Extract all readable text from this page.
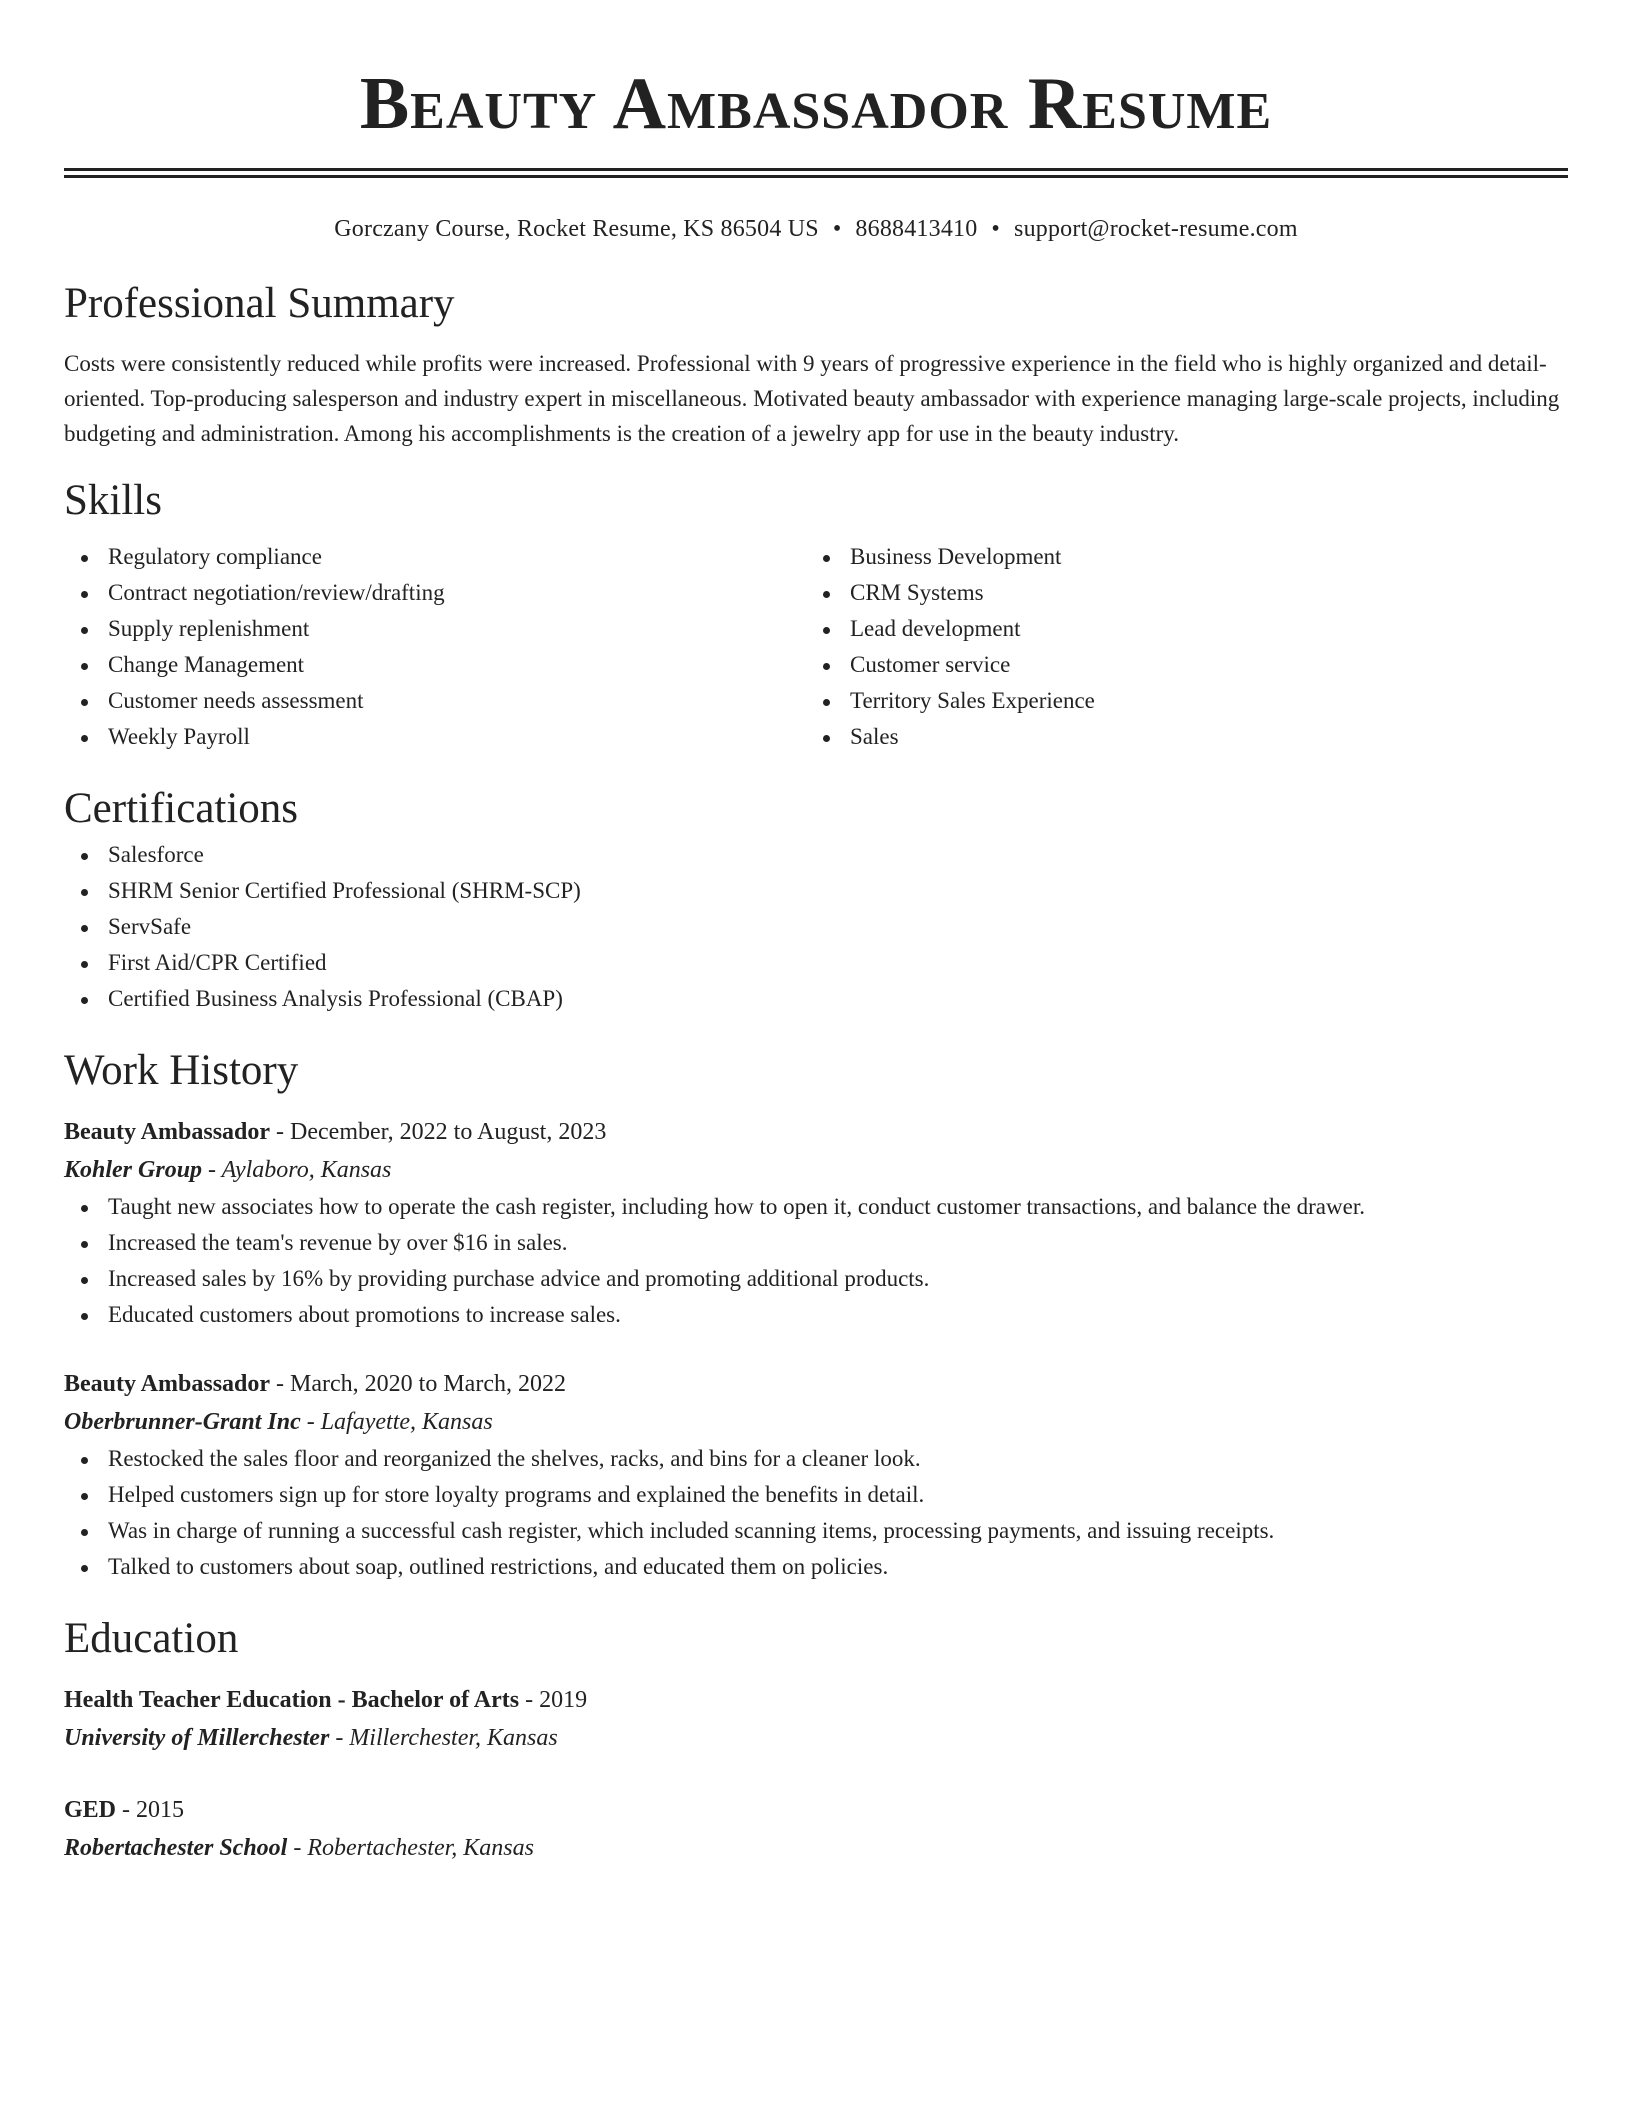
Beauty Ambassador Resume
Gorczany Course, Rocket Resume, KS 86504 US • 8688413410 • support@rocket-resume.com
Professional Summary

Costs were consistently reduced while profits were increased. Professional with 9 years of progressive experience in the field who is highly organized and detail-oriented. Top-producing salesperson and industry expert in miscellaneous. Motivated beauty ambassador with experience managing large-scale projects, including budgeting and administration. Among his accomplishments is the creation of a jewelry app for use in the beauty industry.

Skills
Regulatory compliance
Contract negotiation/review/drafting
Supply replenishment
Change Management
Customer needs assessment
Weekly Payroll
Business Development
CRM Systems
Lead development
Customer service
Territory Sales Experience
Sales
Certifications
Salesforce
SHRM Senior Certified Professional (SHRM-SCP)
ServSafe
First Aid/CPR Certified
Certified Business Analysis Professional (CBAP)
Work History
Beauty Ambassador - December, 2022 to August, 2023
Kohler Group - Aylaboro, Kansas
Taught new associates how to operate the cash register, including how to open it, conduct customer transactions, and balance the drawer.
Increased the team's revenue by over $16 in sales.
Increased sales by 16% by providing purchase advice and promoting additional products.
Educated customers about promotions to increase sales.
Beauty Ambassador - March, 2020 to March, 2022
Oberbrunner-Grant Inc - Lafayette, Kansas
Restocked the sales floor and reorganized the shelves, racks, and bins for a cleaner look.
Helped customers sign up for store loyalty programs and explained the benefits in detail.
Was in charge of running a successful cash register, which included scanning items, processing payments, and issuing receipts.
Talked to customers about soap, outlined restrictions, and educated them on policies.
Education
Health Teacher Education - Bachelor of Arts - 2019
University of Millerchester - Millerchester, Kansas
GED - 2015
Robertachester School - Robertachester, Kansas
